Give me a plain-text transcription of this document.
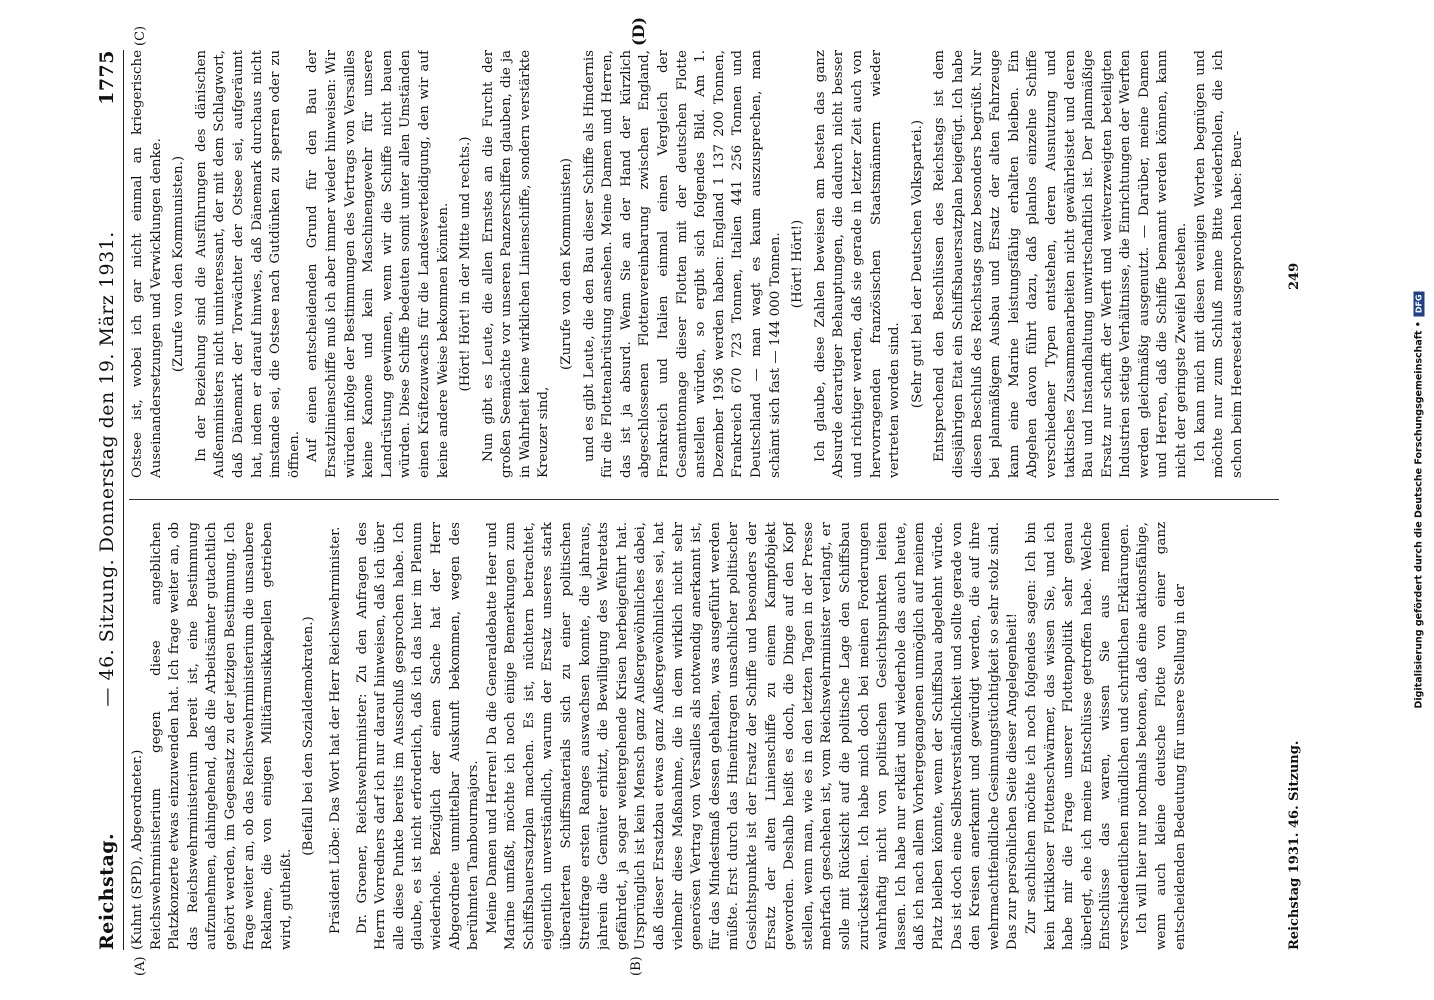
Reichstag.
— 46. Sitzung. Donnerstag den 19. März 1931.
1775
(A)	(B)
(C)	(D)

(Kuhnt (SPD), Abgeordneter.) Reichswehrministerium gegen diese angeblichen Platzkonzerte etwas einzuwenden hat. Ich frage weiter an, ob das Reichswehrministerium bereit ist, eine Bestimmung aufzunehmen, dahingehend, daß die Arbeitsämter gutachtlich gehört werden, im Gegensatz zu der jetzigen Bestimmung. Ich frage weiter an, ob das Reichswehrministerium die unsaubere Reklame, die von einigen Militärmusikkapellen getrieben wird, gutheißt.

(Beifall bei den Sozialdemokraten.) Präsident Löbe: Das Wort hat der Herr Reichswehrminister. Dr. Groener, Reichswehrminister: Zu den Anfragen des Herrn Vorredners darf ich nur darauf hinweisen, daß ich über alle diese Punkte bereits im Ausschuß gesprochen habe. Ich glaube, es ist nicht erforderlich, daß ich das hier im Plenum wiederhole. Bezüglich der einen Sache hat der Herr Abgeordnete unmittelbar Auskunft bekommen, wegen des berühmten Tambourmajors. Meine Damen und Herren! Da die Generaldebatte Heer und Marine umfaßt, möchte ich noch einige Bemerkungen zum Schiffsbauersatzplan machen. Es ist, nüchtern betrachtet, eigentlich unverständlich, warum der Ersatz unseres stark überalterten Schiffsmaterials sich zu einer politischen Streitfrage ersten Ranges auswachsen konnte, die jahraus, jahrein die Gemüter erhitzt, die Bewilligung des Wehretats gefährdet, ja sogar weitergehende Krisen herbeigeführt hat. Ursprünglich ist kein Mensch ganz Außergewöhnliches dabei, daß dieser Ersatzbau etwas ganz Außergewöhnliches sei, hat vielmehr diese Maßnahme, die in dem wirklich nicht sehr generösen Vertrag von Versailles als notwendig anerkannt ist, für das Mindestmaß dessen gehalten, was ausgeführt werden müßte. Erst durch das Hineintragen unsachlicher politischer Gesichtspunkte ist der Ersatz der Schiffe und besonders der Ersatz der alten Linienschiffe zu einem Kampfobjekt geworden. Deshalb heißt es doch, die Dinge auf den Kopf stellen, wenn man, wie es in den letzten Tagen in der Presse mehrfach geschehen ist, vom Reichswehrminister verlangt, er solle mit Rücksicht auf die politische Lage den Schiffsbau zurückstellen. Ich habe mich doch bei meinen Forderungen wahrhaftig nicht von politischen Gesichtspunkten leiten lassen. Ich habe nur erklärt und wiederhole das auch heute, daß ich nach allem Vorhergegangenen unmöglich auf meinem Platz bleiben könnte, wenn der Schiffsbau abgelehnt würde. Das ist doch eine Selbstverständlichkeit und sollte gerade von den Kreisen anerkannt und gewürdigt werden, die auf ihre wehrmachtfeindliche Gesinnungstüchtigkeit so sehr stolz sind. Das zur persönlichen Seite dieser Angelegenheit! Zur sachlichen möchte ich noch folgendes sagen: Ich bin kein kritikloser Flottenschwärmer, das wissen Sie, und ich habe mir die Frage unserer Flottenpolitik sehr genau überlegt, ehe ich meine Entschlüsse getroffen habe. Welche Entschlüsse das waren, wissen Sie aus meinen verschiedentlichen mündlichen und schriftlichen Erklärungen. Ich will hier nur nochmals betonen, daß eine aktionsfähige, wenn auch kleine deutsche Flotte von einer ganz entscheidenden Bedeutung für unsere Stellung in der

Ostsee ist, wobei ich gar nicht einmal an kriegerische Auseinandersetzungen und Verwicklungen denke. (Zurufe von den Kommunisten.) In der Beziehung sind die Ausführungen des dänischen Außenministers nicht uninteressant, der mit dem Schlagwort, daß Dänemark der Torwächter der Ostsee sei, aufgeräumt hat, indem er darauf hinwies, daß Dänemark durchaus nicht imstande sei, die Ostsee nach Gutdünken zu sperren oder zu öffnen. Auf einen entscheidenden Grund für den Bau der Ersatzlinienschiffe muß ich aber immer wieder hinweisen: Wir würden infolge der Bestimmungen des Vertrags von Versailles keine Kanone und kein Maschinengewehr für unsere Landrüstung gewinnen, wenn wir die Schiffe nicht bauen würden. Diese Schiffe bedeuten somit unter allen Umständen einen Kräftezuwachs für die Landesverteidigung, den wir auf keine andere Weise bekommen könnten. (Hört! Hört! in der Mitte und rechts.) Nun gibt es Leute, die allen Ernstes an die Furcht der großen Seemächte vor unseren Panzerschiffen glauben, die ja in Wahrheit keine wirklichen Linienschiffe, sondern verstärkte Kreuzer sind,

(Zurufe von den Kommunisten) und es gibt Leute, die den Bau dieser Schiffe als Hindernis für die Flottenabrüstung ansehen. Meine Damen und Herren, das ist ja absurd. Wenn Sie an der Hand der kürzlich abgeschlossenen Flottenvereinbarung zwischen England, Frankreich und Italien einmal einen Vergleich der Gesamttonnage dieser Flotten mit der deutschen Flotte anstellen würden, so ergibt sich folgendes Bild. Am 1. Dezember 1936 werden haben: England 1 137 200 Tonnen, Frankreich 670 723 Tonnen, Italien 441 256 Tonnen und Deutschland — man wagt es kaum auszusprechen, man schämt sich fast — 144 000 Tonnen. (Hört! Hört!) Ich glaube, diese Zahlen beweisen am besten das ganz Absurde derartiger Behauptungen, die dadurch nicht besser und richtiger werden, daß sie gerade in letzter Zeit auch von hervorragenden französischen Staatsmännern wieder vertreten worden sind. (Sehr gut! bei der Deutschen Volkspartei.) Entsprechend den Beschlüssen des Reichstags ist dem diesjährigen Etat ein Schiffsbauersatzplan beigefügt. Ich habe diesen Beschluß des Reichstags ganz besonders begrüßt. Nur bei planmäßigem Ausbau und Ersatz der alten Fahrzeuge kann eine Marine leistungsfähig erhalten bleiben. Ein Abgehen davon führt dazu, daß planlos einzelne Schiffe verschiedener Typen entstehen, deren Ausnutzung und taktisches Zusammenarbeiten nicht gewährleistet und deren Bau und Instandhaltung unwirtschaftlich ist. Der planmäßige Ersatz nur schafft der Werft und weitverzweigten beteiligten Industrien stetige Verhältnisse, die Einrichtungen der Werften werden gleichmäßig ausgenutzt. — Darüber, meine Damen und Herren, daß die Schiffe bemannt werden können, kann nicht der geringste Zweifel bestehen. Ich kann mich mit diesen wenigen Worten begnügen und möchte nur zum Schluß meine Bitte wiederholen, die ich schon beim Heeresetat ausgesprochen habe: Beur-

Reichstag 1931. 46. Sitzung.
249
Digitalisierung gefördert durch die Deutsche Forschungsgemeinschaft •
DFG
